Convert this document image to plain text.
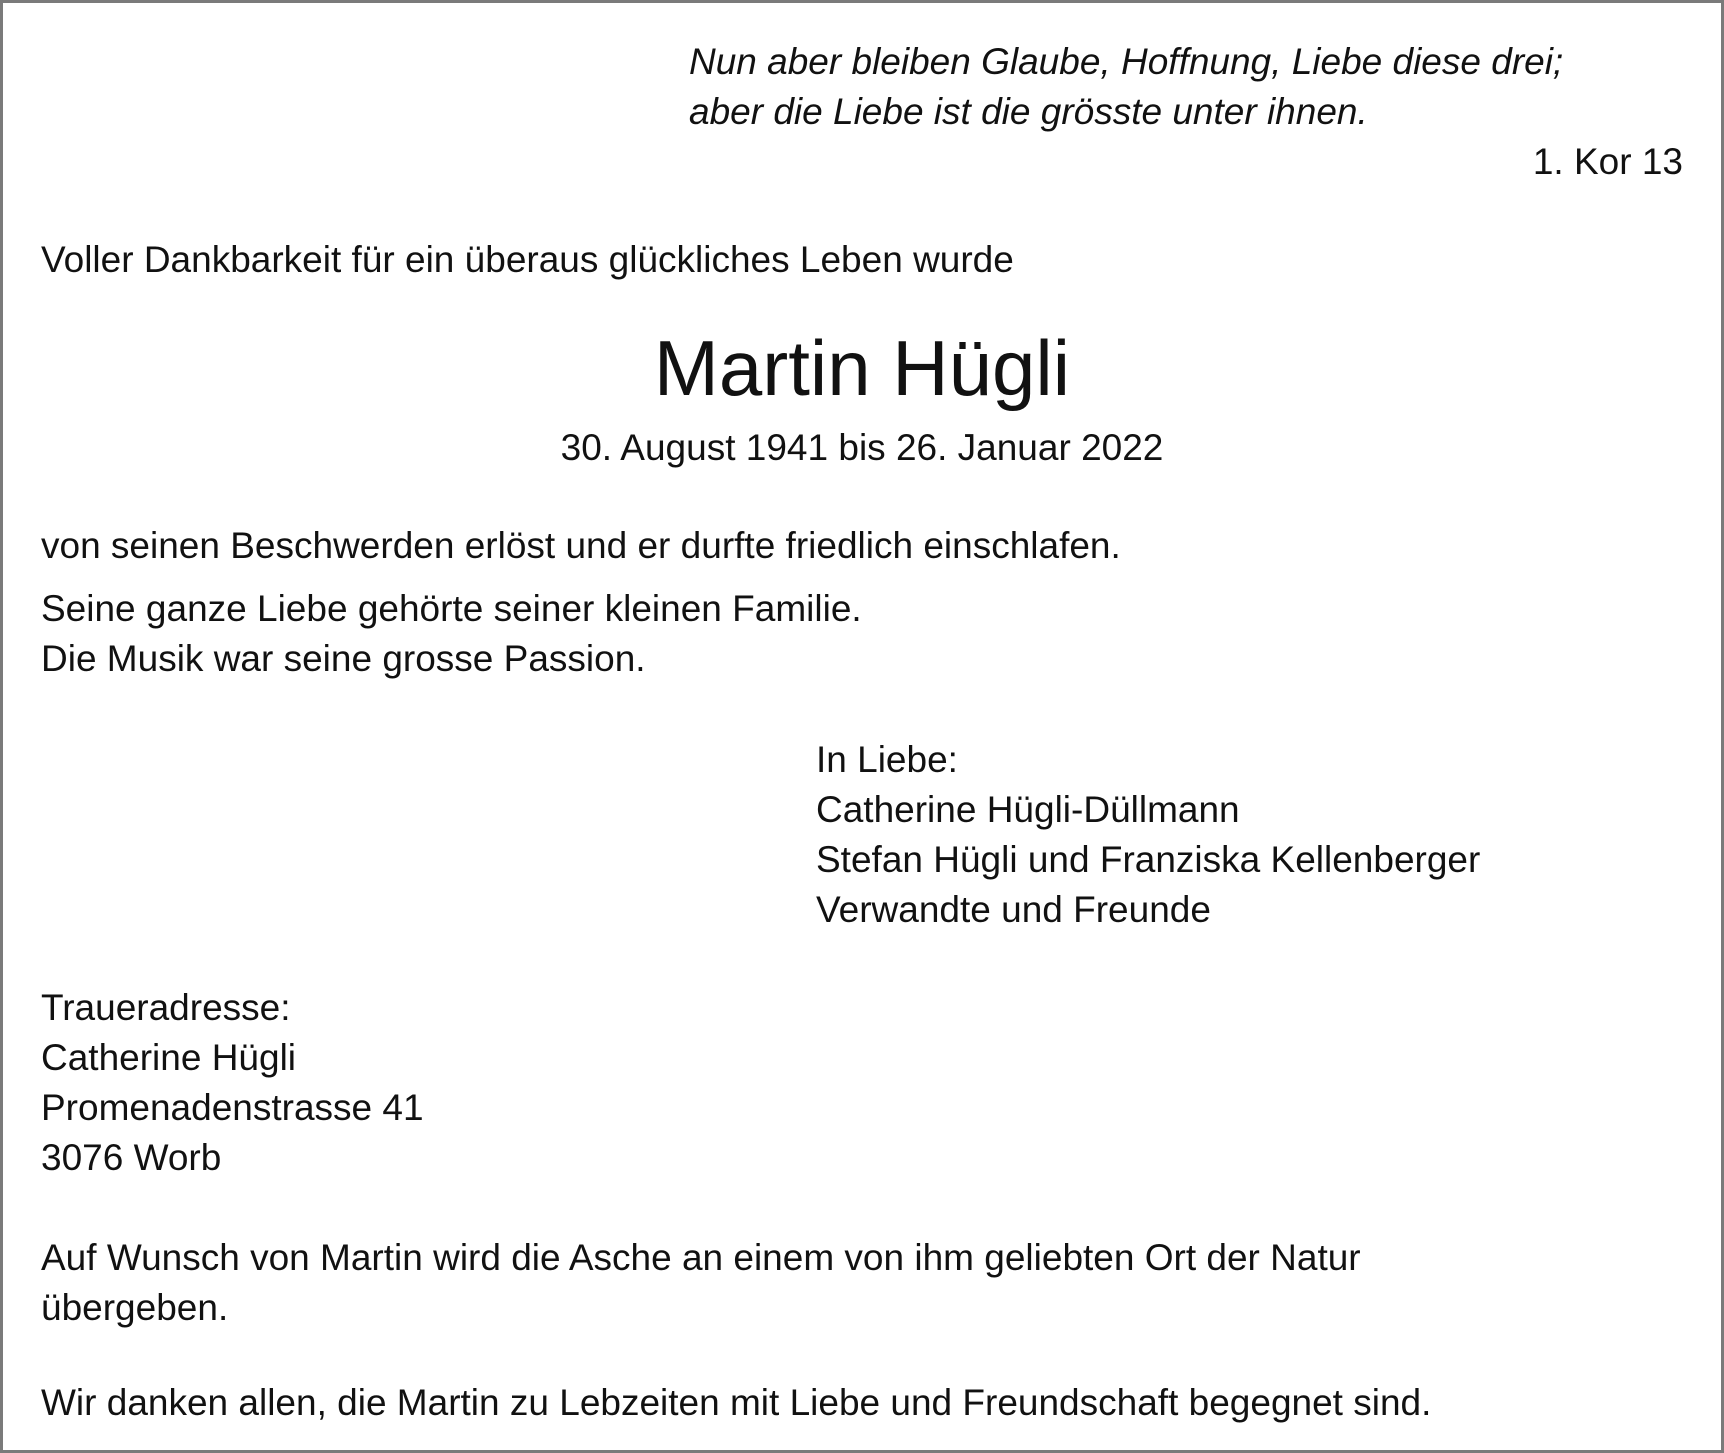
Nun aber bleiben Glaube, Hoffnung, Liebe diese drei;

aber die Liebe ist die grösste unter ihnen.

1. Kor 13

Voller Dankbarkeit für ein überaus glückliches Leben wurde

Martin Hügli

30. August 1941 bis 26. Januar 2022

von seinen Beschwerden erlöst und er durfte friedlich einschlafen.

Seine ganze Liebe gehörte seiner kleinen Familie.

Die Musik war seine grosse Passion.

In Liebe:

Catherine Hügli-Düllmann

Stefan Hügli und Franziska Kellenberger

Verwandte und Freunde

Traueradresse:

Catherine Hügli

Promenadenstrasse 41

3076 Worb

Auf Wunsch von Martin wird die Asche an einem von ihm geliebten Ort der Natur

übergeben.

Wir danken allen, die Martin zu Lebzeiten mit Liebe und Freundschaft begegnet sind.
